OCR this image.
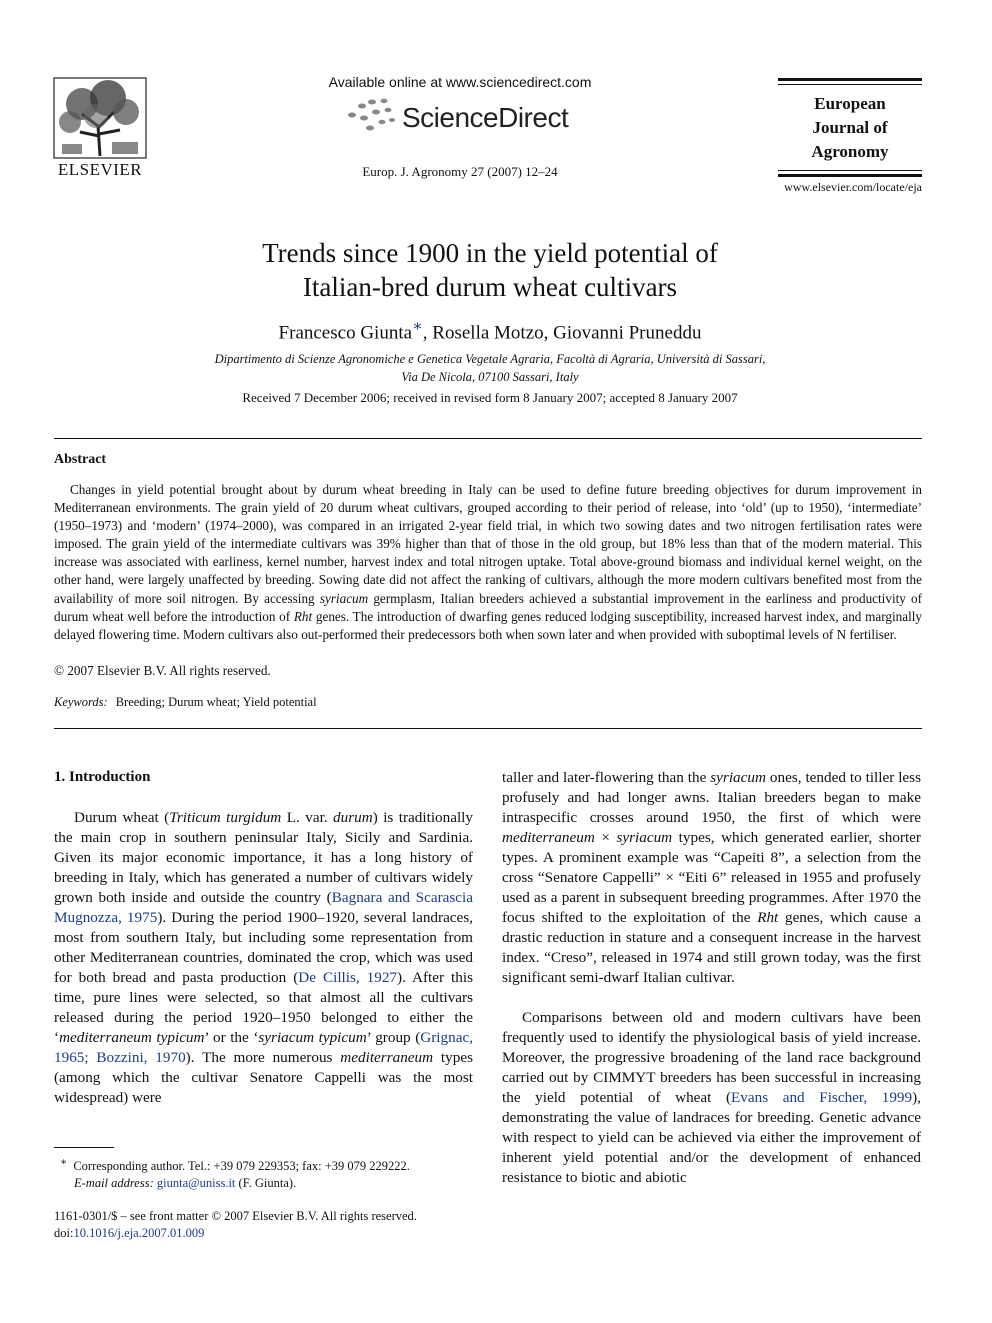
ELSEVIER
Available online at www.sciencedirect.com
ScienceDirect
Europ. J. Agronomy 27 (2007) 12–24
European
Journal of
Agronomy
www.elsevier.com/locate/eja
Trends since 1900 in the yield potential of
Italian-bred durum wheat cultivars
Francesco Giunta∗, Rosella Motzo, Giovanni Pruneddu
Dipartimento di Scienze Agronomiche e Genetica Vegetale Agraria, Facoltà di Agraria, Università di Sassari,
Via De Nicola, 07100 Sassari, Italy
Received 7 December 2006; received in revised form 8 January 2007; accepted 8 January 2007
Abstract

Changes in yield potential brought about by durum wheat breeding in Italy can be used to define future breeding objectives for durum improvement in Mediterranean environments. The grain yield of 20 durum wheat cultivars, grouped according to their period of release, into ‘old’ (up to 1950), ‘intermediate’ (1950–1973) and ‘modern’ (1974–2000), was compared in an irrigated 2-year field trial, in which two sowing dates and two nitrogen fertilisation rates were imposed. The grain yield of the intermediate cultivars was 39% higher than that of those in the old group, but 18% less than that of the modern material. This increase was associated with earliness, kernel number, harvest index and total nitrogen uptake. Total above-ground biomass and individual kernel weight, on the other hand, were largely unaffected by breeding. Sowing date did not affect the ranking of cultivars, although the more modern cultivars benefited most from the availability of more soil nitrogen. By accessing syriacum germplasm, Italian breeders achieved a substantial improvement in the earliness and productivity of durum wheat well before the introduction of Rht genes. The introduction of dwarfing genes reduced lodging susceptibility, increased harvest index, and marginally delayed flowering time. Modern cultivars also out-performed their predecessors both when sown later and when provided with suboptimal levels of N fertiliser.

© 2007 Elsevier B.V. All rights reserved.
Keywords: Breeding; Durum wheat; Yield potential
1. Introduction

Durum wheat (Triticum turgidum L. var. durum) is traditionally the main crop in southern peninsular Italy, Sicily and Sardinia. Given its major economic importance, it has a long history of breeding in Italy, which has generated a number of cultivars widely grown both inside and outside the country (Bagnara and Scarascia Mugnozza, 1975). During the period 1900–1920, several landraces, most from southern Italy, but including some representation from other Mediterranean countries, dominated the crop, which was used for both bread and pasta production (De Cillis, 1927). After this time, pure lines were selected, so that almost all the cultivars released during the period 1920–1950 belonged to either the ‘mediterraneum typicum’ or the ‘syriacum typicum’ group (Grignac, 1965; Bozzini, 1970). The more numerous mediterraneum types (among which the cultivar Senatore Cappelli was the most widespread) were

taller and later-flowering than the syriacum ones, tended to tiller less profusely and had longer awns. Italian breeders began to make intraspecific crosses around 1950, the first of which were mediterraneum × syriacum types, which generated earlier, shorter types. A prominent example was “Capeiti 8”, a selection from the cross “Senatore Cappelli” × “Eiti 6” released in 1955 and profusely used as a parent in subsequent breeding programmes. After 1970 the focus shifted to the exploitation of the Rht genes, which cause a drastic reduction in stature and a consequent increase in the harvest index. “Creso”, released in 1974 and still grown today, was the first significant semi-dwarf Italian cultivar.

Comparisons between old and modern cultivars have been frequently used to identify the physiological basis of yield increase. Moreover, the progressive broadening of the land race background carried out by CIMMYT breeders has been successful in increasing the yield potential of wheat (Evans and Fischer, 1999), demonstrating the value of landraces for breeding. Genetic advance with respect to yield can be achieved via either the improvement of inherent yield potential and/or the development of enhanced resistance to biotic and abiotic

∗ Corresponding author. Tel.: +39 079 229353; fax: +39 079 229222.
E-mail address: giunta@uniss.it (F. Giunta).
1161-0301/$ – see front matter © 2007 Elsevier B.V. All rights reserved.
doi:10.1016/j.eja.2007.01.009
